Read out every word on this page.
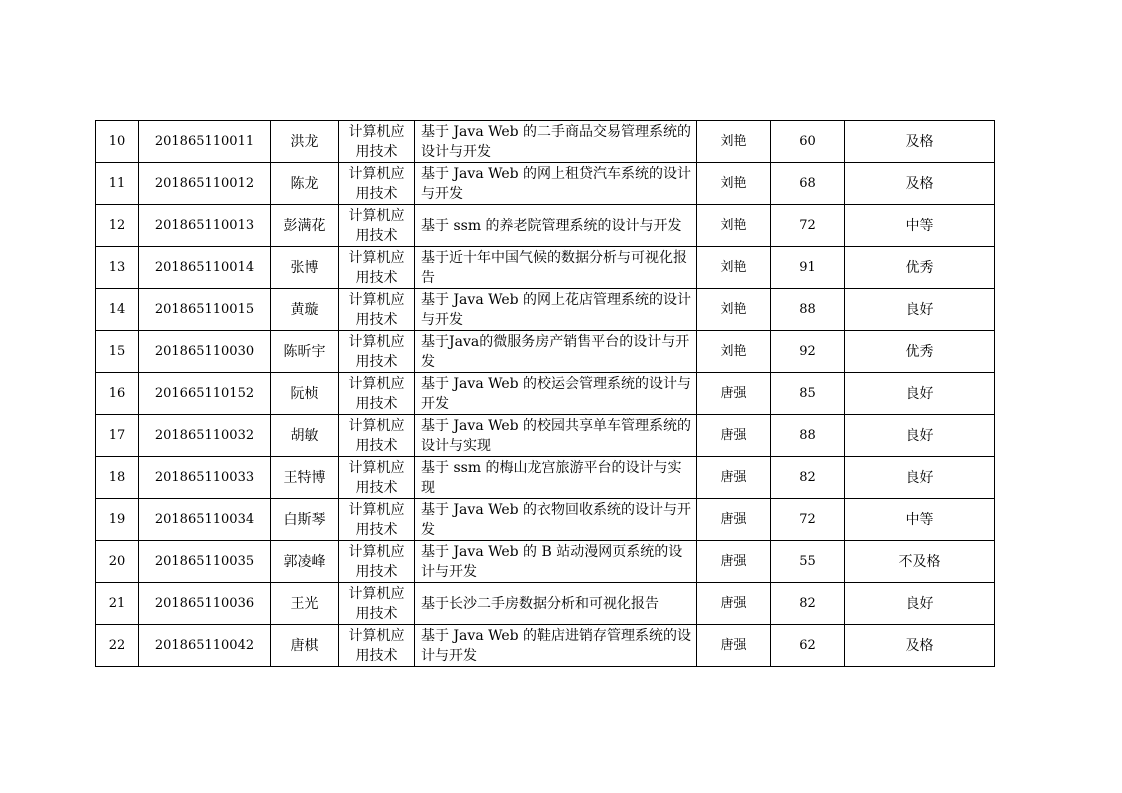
10	201865110011	洪龙	计算机应用技术	基于 Java Web 的二手商品交易管理系统的设计与开发	刘艳	60	及格
11	201865110012	陈龙	计算机应用技术	基于 Java Web 的网上租贷汽车系统的设计与开发	刘艳	68	及格
12	201865110013	彭满花	计算机应用技术	基于 ssm 的养老院管理系统的设计与开发	刘艳	72	中等
13	201865110014	张博	计算机应用技术	基于近十年中国气候的数据分析与可视化报告	刘艳	91	优秀
14	201865110015	黄璇	计算机应用技术	基于 Java Web 的网上花店管理系统的设计与开发	刘艳	88	良好
15	201865110030	陈昕宇	计算机应用技术	基于Java的微服务房产销售平台的设计与开发	刘艳	92	优秀
16	201665110152	阮桢	计算机应用技术	基于 Java Web 的校运会管理系统的设计与开发	唐强	85	良好
17	201865110032	胡敏	计算机应用技术	基于 Java Web 的校园共享单车管理系统的设计与实现	唐强	88	良好
18	201865110033	王特博	计算机应用技术	基于 ssm 的梅山龙宫旅游平台的设计与实现	唐强	82	良好
19	201865110034	白斯琴	计算机应用技术	基于 Java Web 的衣物回收系统的设计与开发	唐强	72	中等
20	201865110035	郭凌峰	计算机应用技术	基于 Java Web 的 B 站动漫网页系统的设计与开发	唐强	55	不及格
21	201865110036	王光	计算机应用技术	基于长沙二手房数据分析和可视化报告	唐强	82	良好
22	201865110042	唐棋	计算机应用技术	基于 Java Web 的鞋店进销存管理系统的设计与开发	唐强	62	及格
